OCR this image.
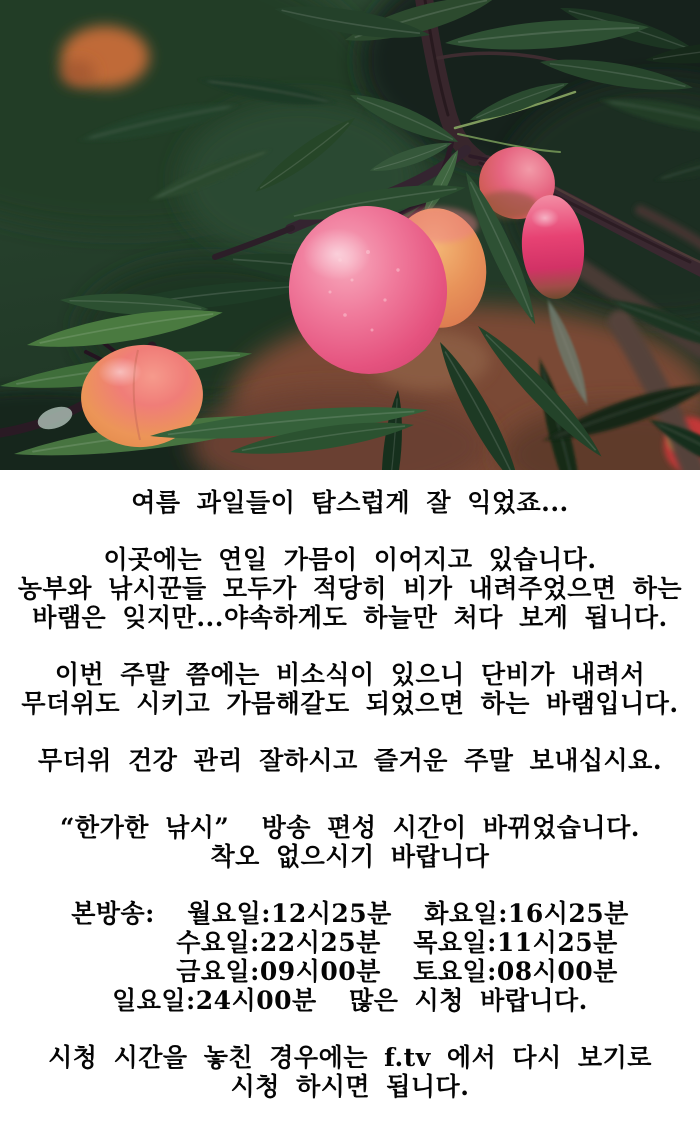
여름 과일들이 탐스럽게 잘 익었죠...
이곳에는 연일 가믐이 이어지고 있습니다.
농부와 낚시꾼들 모두가 적당히 비가 내려주었으면 하는
바램은 잊지만...야속하게도 하늘만 처다 보게 됩니다.
이번 주말 쯤에는 비소식이 있으니 단비가 내려서
무더위도 시키고 가믐해갈도 되었으면 하는 바램입니다.
무더위 건강 관리 잘하시고 즐거운 주말 보내십시요.
“한가한 낚시”  방송 편성 시간이 바뀌었습니다.
착오 없으시기 바랍니다
본방송:  월요일:12시25분  화요일:16시25분
수요일:22시25분  목요일:11시25분
금요일:09시00분  토요일:08시00분
일요일:24시00분  많은 시청 바랍니다.
시청 시간을 놓친 경우에는 f.tv 에서 다시 보기로
시청 하시면 됩니다.
